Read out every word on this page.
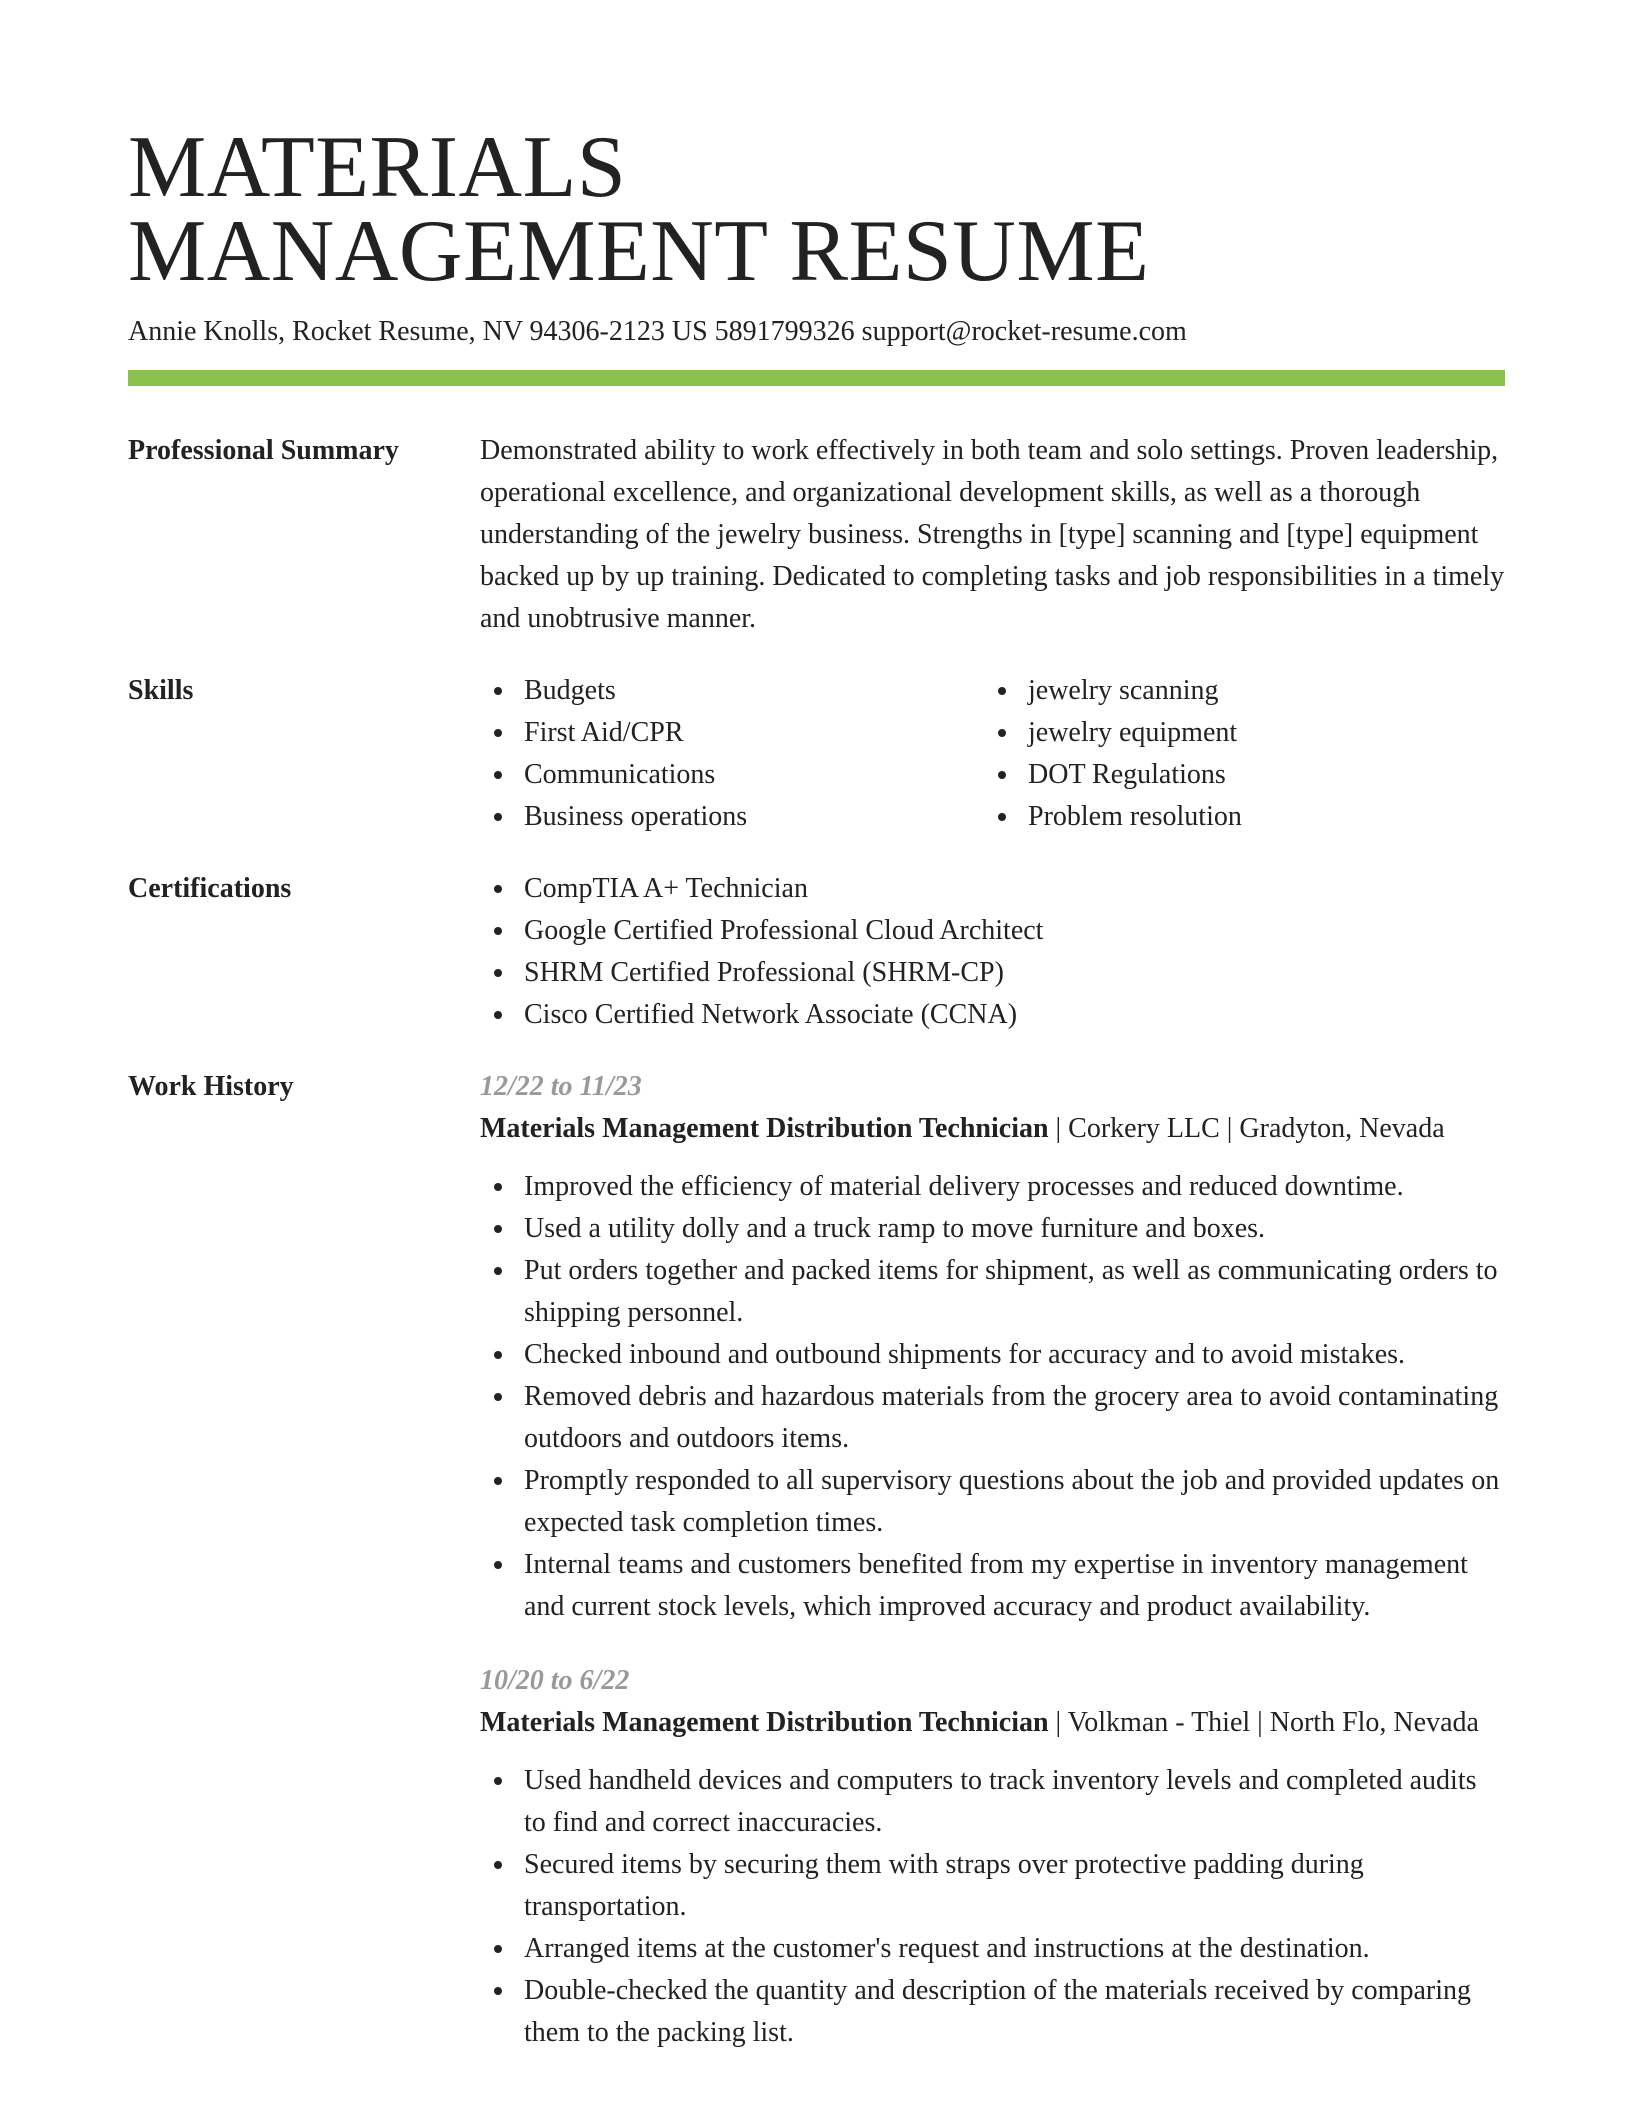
MATERIALS
MANAGEMENT RESUME
Annie Knolls, Rocket Resume, NV 94306-2123 US 5891799326 support@rocket-resume.com
Professional Summary	Demonstrated ability to work effectively in both team and solo settings. Proven leadership, operational excellence, and organizational development skills, as well as a thorough understanding of the jewelry business. Strengths in [type] scanning and [type] equipment backed up by up training. Dedicated to completing tasks and job responsibilities in a timely and unobtrusive manner.
Skills	Budgets
First Aid/CPR
Communications
Business operations
jewelry scanning
jewelry equipment
DOT Regulations
Problem resolution
Certifications	CompTIA A+ Technician
Google Certified Professional Cloud Architect
SHRM Certified Professional (SHRM-CP)
Cisco Certified Network Associate (CCNA)
Work History	12/22 to 11/23
Materials Management Distribution Technician | Corkery LLC | Gradyton, Nevada
Improved the efficiency of material delivery processes and reduced downtime.
Used a utility dolly and a truck ramp to move furniture and boxes.
Put orders together and packed items for shipment, as well as communicating orders to shipping personnel.
Checked inbound and outbound shipments for accuracy and to avoid mistakes.
Removed debris and hazardous materials from the grocery area to avoid contaminating outdoors and outdoors items.
Promptly responded to all supervisory questions about the job and provided updates on expected task completion times.
Internal teams and customers benefited from my expertise in inventory management and current stock levels, which improved accuracy and product availability.
10/20 to 6/22
Materials Management Distribution Technician | Volkman - Thiel | North Flo, Nevada
Used handheld devices and computers to track inventory levels and completed audits to find and correct inaccuracies.
Secured items by securing them with straps over protective padding during transportation.
Arranged items at the customer's request and instructions at the destination.
Double-checked the quantity and description of the materials received by comparing them to the packing list.
